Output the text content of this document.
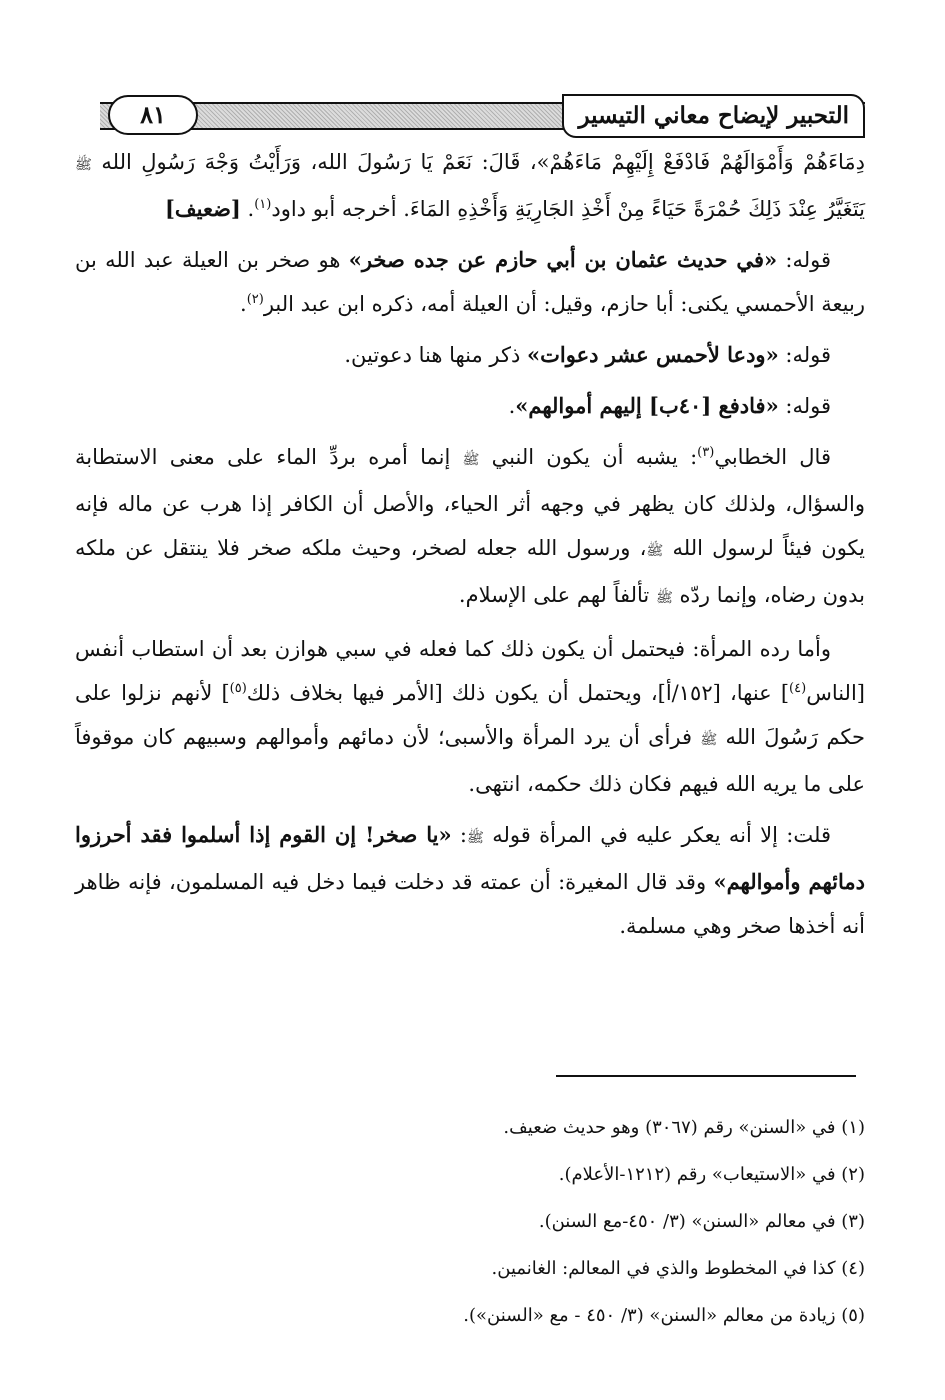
التحبير لإيضاح معاني التيسير
٨١

دِمَاءَهُمْ وَأَمْوَالَهُمْ فَادْفَعْ إِلَيْهِمْ مَاءَهُمْ»، قَالَ: نَعَمْ يَا رَسُولَ الله، وَرَأَيْتُ وَجْهَ رَسُولِ الله ﷺ يَتَغَيَّرُ عِنْدَ ذَلِكَ حُمْرَةً حَيَاءً مِنْ أَخْذِ الجَارِيَةِ وَأَخْذِهِ المَاءَ. أخرجه أبو داود$^{(١)}$. [ضعيف]

قوله: «في حديث عثمان بن أبي حازم عن جده صخر» هو صخر بن العيلة عبد الله بن ربيعة الأحمسي يكنى: أبا حازم، وقيل: أن العيلة أمه، ذكره ابن عبد البر$^{(٢)}$.

قوله: «ودعا لأحمس عشر دعوات» ذكر منها هنا دعوتين.

قوله: «فادفع [٤٠ب] إليهم أموالهم».

قال الخطابي$^{(٣)}$: يشبه أن يكون النبي ﷺ إنما أمره بردِّ الماء على معنى الاستطابة والسؤال، ولذلك كان يظهر في وجهه أثر الحياء، والأصل أن الكافر إذا هرب عن ماله فإنه يكون فيئاً لرسول الله ﷺ، ورسول الله جعله لصخر، وحيث ملكه صخر فلا ينتقل عن ملكه بدون رضاه، وإنما ردّه ﷺ تألفاً لهم على الإسلام.

وأما رده المرأة: فيحتمل أن يكون ذلك كما فعله في سبي هوازن بعد أن استطاب أنفس [الناس$^{(٤)}$] عنها، [١٥٢/أ]، ويحتمل أن يكون ذلك [الأمر فيها بخلاف ذلك$^{(٥)}$] لأنهم نزلوا على حكم رَسُولَ الله ﷺ فرأى أن يرد المرأة والأسبى؛ لأن دمائهم وأموالهم وسبيهم كان موقوفاً على ما يريه الله فيهم فكان ذلك حكمه، انتهى.

قلت: إلا أنه يعكر عليه في المرأة قوله ﷺ: «يا صخر! إن القوم إذا أسلموا فقد أحرزوا دمائهم وأموالهم» وقد قال المغيرة: أن عمته قد دخلت فيما دخل فيه المسلمون، فإنه ظاهر أنه أخذها صخر وهي مسلمة.

(١) في «السنن» رقم (٣٠٦٧) وهو حديث ضعيف.
(٢) في «الاستيعاب» رقم (١٢١٢-الأعلام).
(٣) في معالم «السنن» (٣/ ٤٥٠-مع السنن).
(٤) كذا في المخطوط والذي في المعالم: الغانمين.
(٥) زيادة من معالم «السنن» (٣/ ٤٥٠ - مع «السنن»).
